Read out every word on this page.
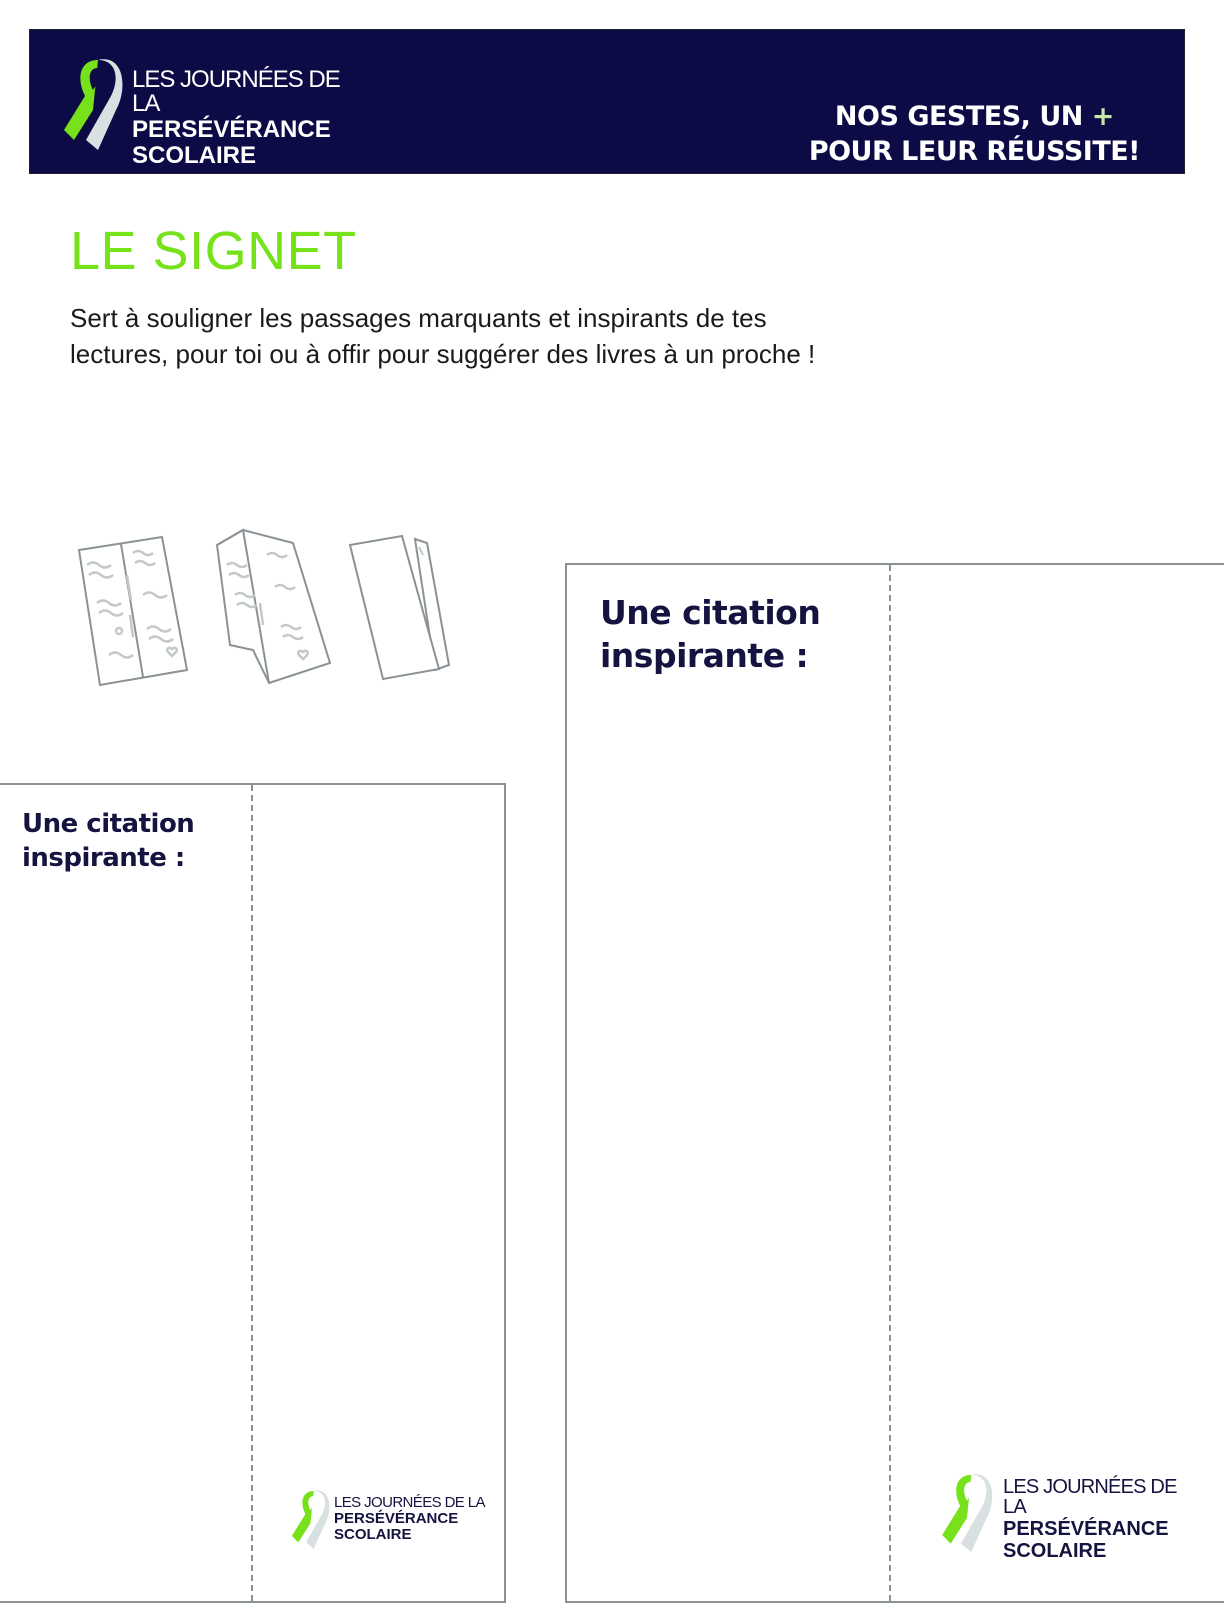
LES JOURNÉES DE LA
PERSÉVÉRANCE
SCOLAIRE
NOS GESTES, UN +
POUR LEUR RÉUSSITE!
LE SIGNET

Sert à souligner les passages marquants et inspirants de tes
lectures, pour toi ou à offir pour suggérer des livres à un proche !

Une citation
inspirante :
LES JOURNÉES DE LA
PERSÉVÉRANCE
SCOLAIRE
Une citation
inspirante :
LES JOURNÉES DE LA
PERSÉVÉRANCE
SCOLAIRE
